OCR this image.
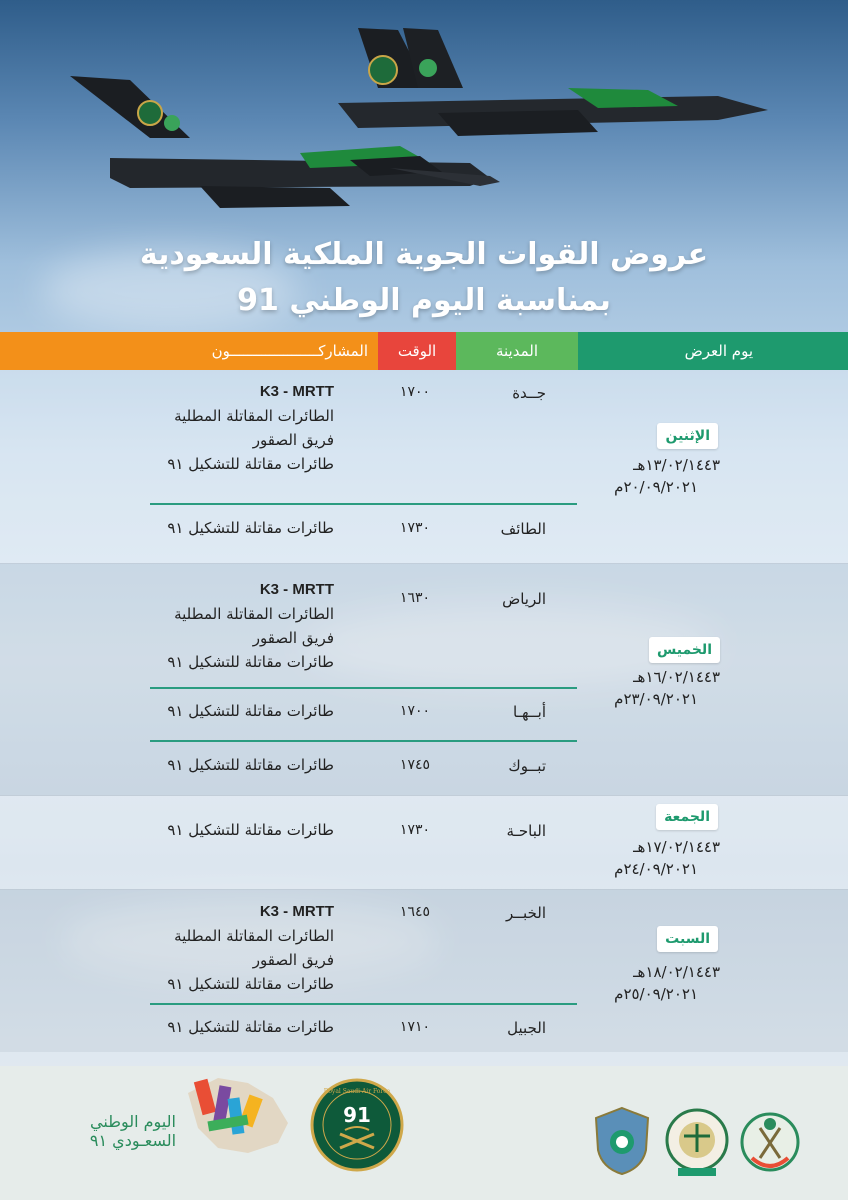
عروض القوات الجوية الملكية السعودية
بمناسبة اليوم الوطني 91
يوم العرض
المدينة
الوقت
المشاركــــــــــــــــــــون
الإثنين
١٣/٠٢/١٤٤٣هـ
٢٠/٠٩/٢٠٢١م
جــدة
١٧٠٠
K3 - MRTT
الطائرات المقاتلة المطلية
فريق الصقور
طائرات مقاتلة للتشكيل ٩١
الطائف
١٧٣٠
طائرات مقاتلة للتشكيل ٩١
الخميس
١٦/٠٢/١٤٤٣هـ
٢٣/٠٩/٢٠٢١م
الرياض
١٦٣٠
K3 - MRTT
الطائرات المقاتلة المطلية
فريق الصقور
طائرات مقاتلة للتشكيل ٩١
أبــهـا
١٧٠٠
طائرات مقاتلة للتشكيل ٩١
تبــوك
١٧٤٥
طائرات مقاتلة للتشكيل ٩١
الجمعة
١٧/٠٢/١٤٤٣هـ
٢٤/٠٩/٢٠٢١م
الباحـة
١٧٣٠
طائرات مقاتلة للتشكيل ٩١
السبت
١٨/٠٢/١٤٤٣هـ
٢٥/٠٩/٢٠٢١م
الخبــر
١٦٤٥
K3 - MRTT
الطائرات المقاتلة المطلية
فريق الصقور
طائرات مقاتلة للتشكيل ٩١
الجبيل
١٧١٠
طائرات مقاتلة للتشكيل ٩١
اليوم الوطني
السعـودي ٩١
91
Royal Saudi Air Force
